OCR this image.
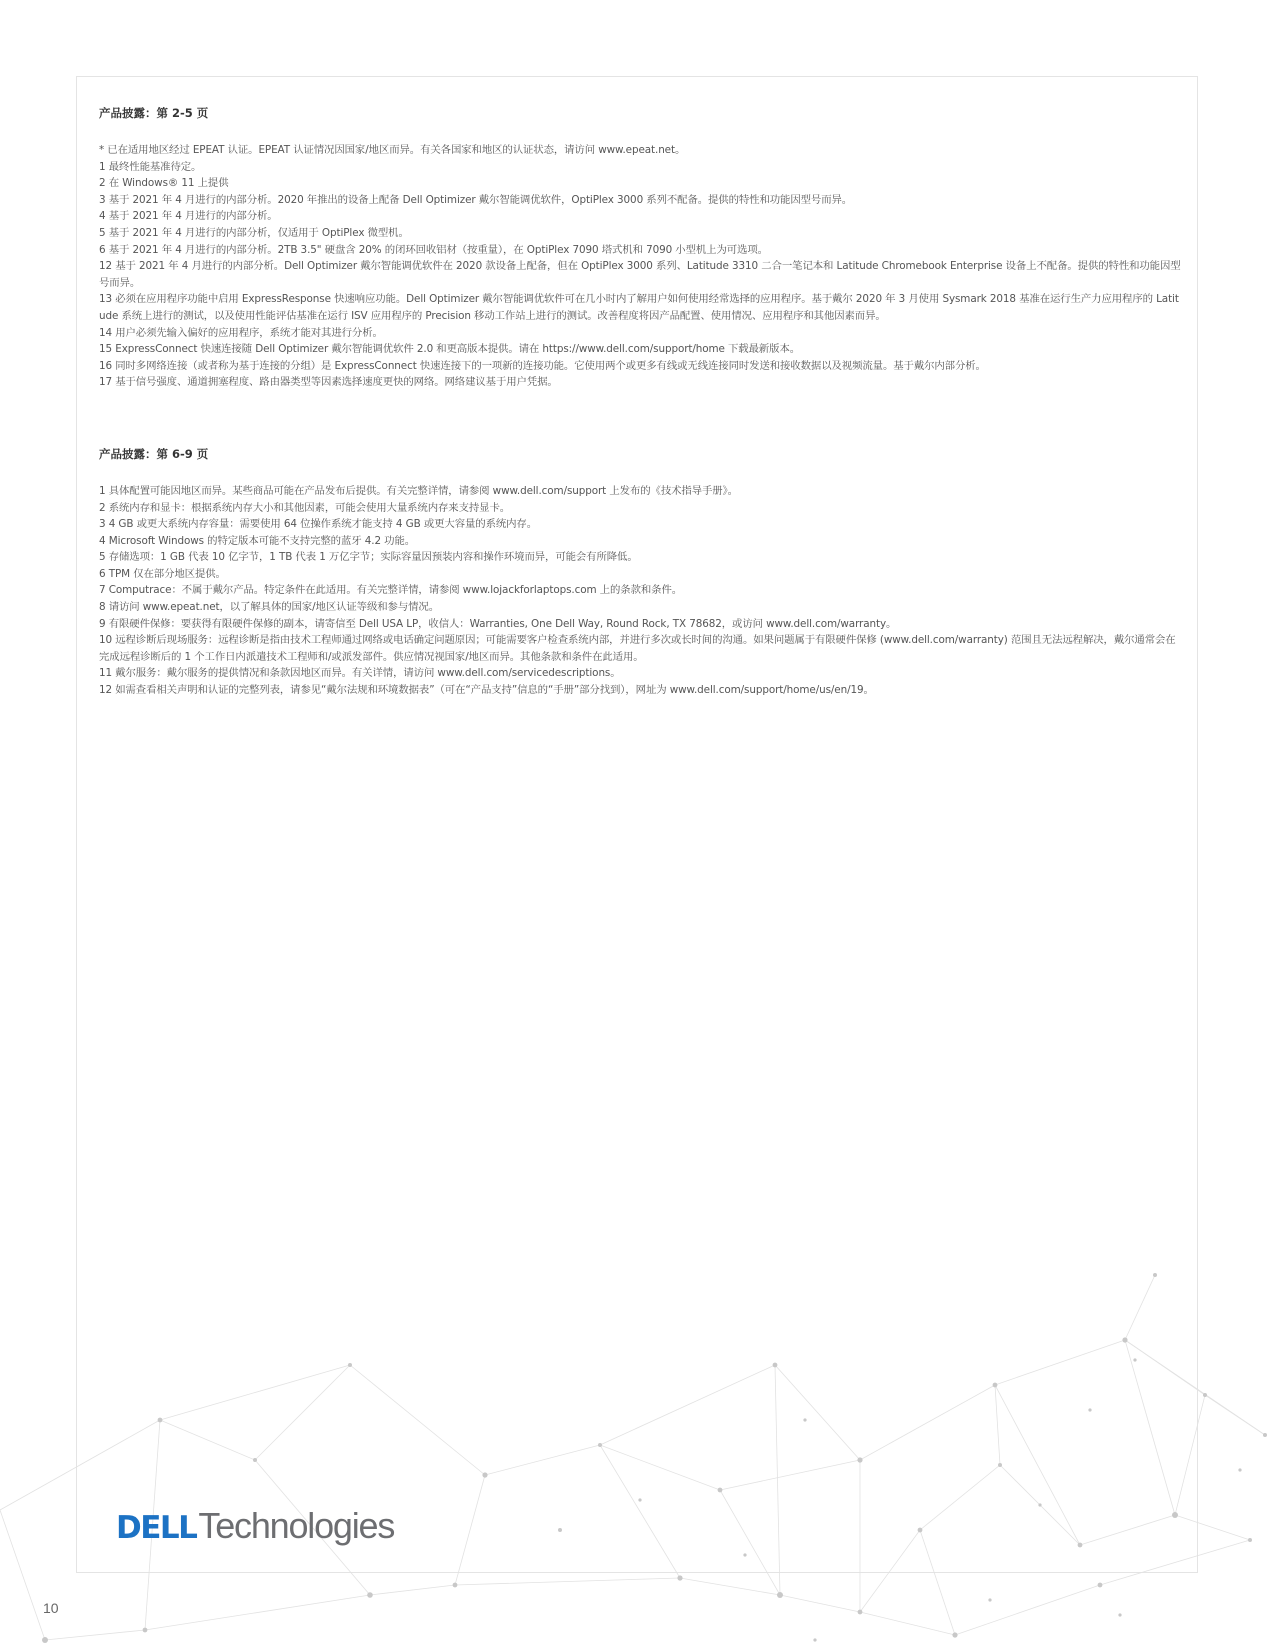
产品披露：第 2-5 页
* 已在适用地区经过 EPEAT 认证。EPEAT 认证情况因国家/地区而异。有关各国家和地区的认证状态，请访问 www.epeat.net。
1 最终性能基准待定。
2 在 Windows® 11 上提供
3 基于 2021 年 4 月进行的内部分析。2020 年推出的设备上配备 Dell Optimizer 戴尔智能调优软件，OptiPlex 3000 系列不配备。提供的特性和功能因型号而异。
4 基于 2021 年 4 月进行的内部分析。
5 基于 2021 年 4 月进行的内部分析，仅适用于 OptiPlex 微型机。
6 基于 2021 年 4 月进行的内部分析。2TB 3.5" 硬盘含 20% 的闭环回收铝材（按重量），在 OptiPlex 7090 塔式机和 7090 小型机上为可选项。
12 基于 2021 年 4 月进行的内部分析。Dell Optimizer 戴尔智能调优软件在 2020 款设备上配备，但在 OptiPlex 3000 系列、Latitude 3310 二合一笔记本和 Latitude Chromebook Enterprise 设备上不配备。提供的特性和功能因型号而异。
13 必须在应用程序功能中启用 ExpressResponse 快速响应功能。Dell Optimizer 戴尔智能调优软件可在几小时内了解用户如何使用经常选择的应用程序。基于戴尔 2020 年 3 月使用 Sysmark 2018 基准在运行生产力应用程序的 Latitude 系统上进行的测试，以及使用性能评估基准在运行 ISV 应用程序的 Precision 移动工作站上进行的测试。改善程度将因产品配置、使用情况、应用程序和其他因素而异。
14 用户必须先输入偏好的应用程序，系统才能对其进行分析。
15 ExpressConnect 快速连接随 Dell Optimizer 戴尔智能调优软件 2.0 和更高版本提供。请在 https://www.dell.com/support/home 下载最新版本。
16 同时多网络连接（或者称为基于连接的分组）是 ExpressConnect 快速连接下的一项新的连接功能。它使用两个或更多有线或无线连接同时发送和接收数据以及视频流量。基于戴尔内部分析。
17 基于信号强度、通道拥塞程度、路由器类型等因素选择速度更快的网络。网络建议基于用户凭据。
产品披露：第 6-9 页
1 具体配置可能因地区而异。某些商品可能在产品发布后提供。有关完整详情，请参阅 www.dell.com/support 上发布的《技术指导手册》。
2 系统内存和显卡：根据系统内存大小和其他因素，可能会使用大量系统内存来支持显卡。
3 4 GB 或更大系统内存容量：需要使用 64 位操作系统才能支持 4 GB 或更大容量的系统内存。
4 Microsoft Windows 的特定版本可能不支持完整的蓝牙 4.2 功能。
5 存储选项：1 GB 代表 10 亿字节，1 TB 代表 1 万亿字节；实际容量因预装内容和操作环境而异，可能会有所降低。
6 TPM 仅在部分地区提供。
7 Computrace：不属于戴尔产品。特定条件在此适用。有关完整详情，请参阅 www.lojackforlaptops.com 上的条款和条件。
8 请访问 www.epeat.net，以了解具体的国家/地区认证等级和参与情况。
9 有限硬件保修：要获得有限硬件保修的副本，请寄信至 Dell USA LP，收信人：Warranties, One Dell Way, Round Rock, TX 78682，或访问 www.dell.com/warranty。
10 远程诊断后现场服务：远程诊断是指由技术工程师通过网络或电话确定问题原因；可能需要客户检查系统内部，并进行多次或长时间的沟通。如果问题属于有限硬件保修 (www.dell.com/warranty) 范围且无法远程解决，戴尔通常会在完成远程诊断后的 1 个工作日内派遣技术工程师和/或派发部件。供应情况视国家/地区而异。其他条款和条件在此适用。
11 戴尔服务：戴尔服务的提供情况和条款因地区而异。有关详情，请访问 www.dell.com/servicedescriptions。
12 如需查看相关声明和认证的完整列表，请参见“戴尔法规和环境数据表”（可在“产品支持”信息的“手册”部分找到），网址为 www.dell.com/support/home/us/en/19。
DELL Technologies
10
